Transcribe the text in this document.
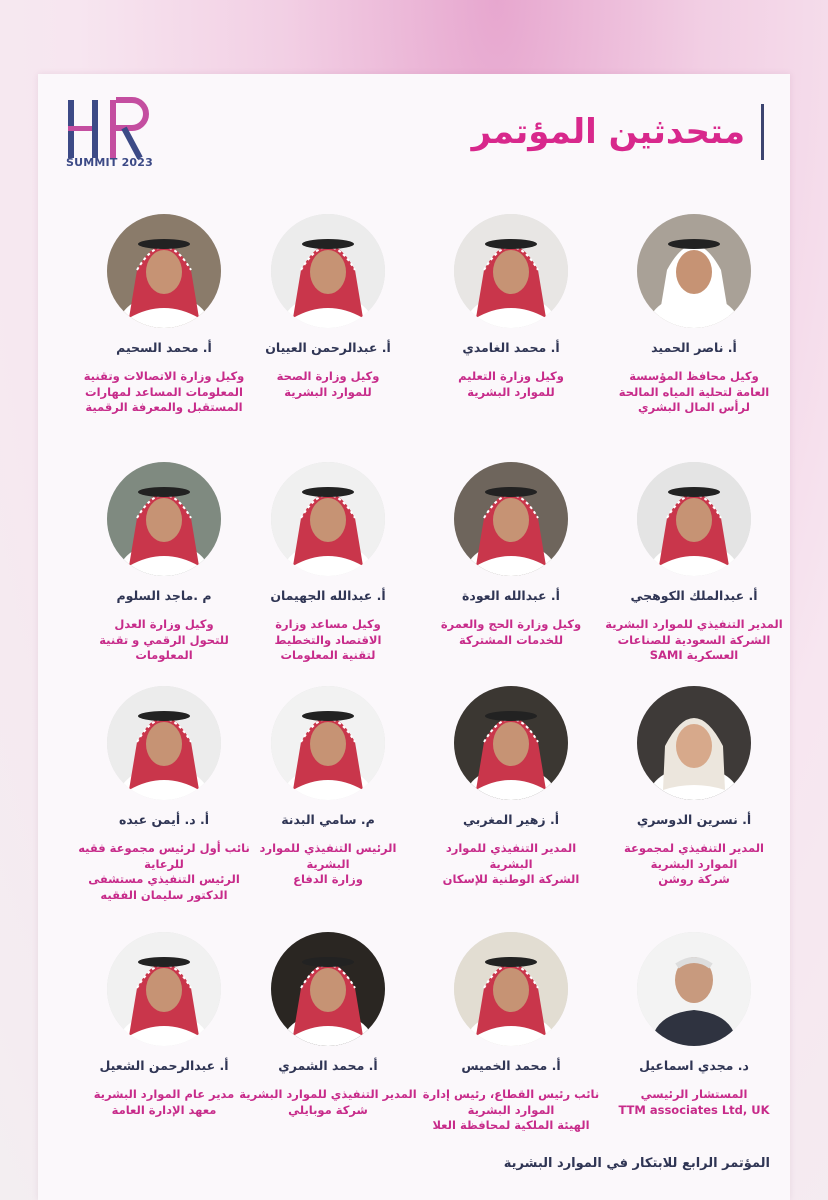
SUMMIT 2023
متحدثين المؤتمر
أ. ناصر الحميد
وكيل محافظ المؤسسة
العامة لتحلية المياه المالحة
لرأس المال البشري
أ. محمد الغامدي
وكيل وزارة التعليم
للموارد البشرية
أ. عبدالرحمن العييان
وكيل وزارة الصحة
للموارد البشرية
أ. محمد السحيم
وكيل وزارة الاتصالات وتقنية
المعلومات المساعد لمهارات
المستقبل والمعرفة الرقمية
أ. عبدالملك الكوهجي
المدير التنفيذي للموارد البشرية
الشركة السعودية للصناعات
العسكرية SAMI
أ. عبدالله العودة
وكيل وزارة الحج والعمرة
للخدمات المشتركة
أ. عبدالله الجهيمان
وكيل مساعد وزارة
الاقتصاد والتخطيط
لتقنية المعلومات
م .ماجد السلوم
وكيل وزارة العدل
للتحول الرقمي و تقنية المعلومات
أ. نسرين الدوسري
المدير التنفيذي لمجموعة
الموارد البشرية
شركة روشن
أ. زهير المغربي
المدير التنفيذي للموارد
البشرية
الشركة الوطنية للإسكان
م. سامي البدنة
الرئيس التنفيذي للموارد
البشرية
وزارة الدفاع
أ. د. أيمن عبده
نائب أول لرئيس مجموعة فقيه
للرعاية
الرئيس التنفيذي مستشفى
الدكتور سليمان الفقيه
د. مجدي اسماعيل
المستشار الرئيسي
TTM associates Ltd, UK
أ. محمد الخميس
نائب رئيس القطاع، رئيس إدارة
الموارد البشرية
الهيئة الملكية لمحافظة العلا
أ. محمد الشمري
المدير التنفيذي للموارد البشرية
شركة موبايلي
أ. عبدالرحمن الشعيل
مدير عام الموارد البشرية
معهد الإدارة العامة
المؤتمر الرابع للابتكار في الموارد البشرية
